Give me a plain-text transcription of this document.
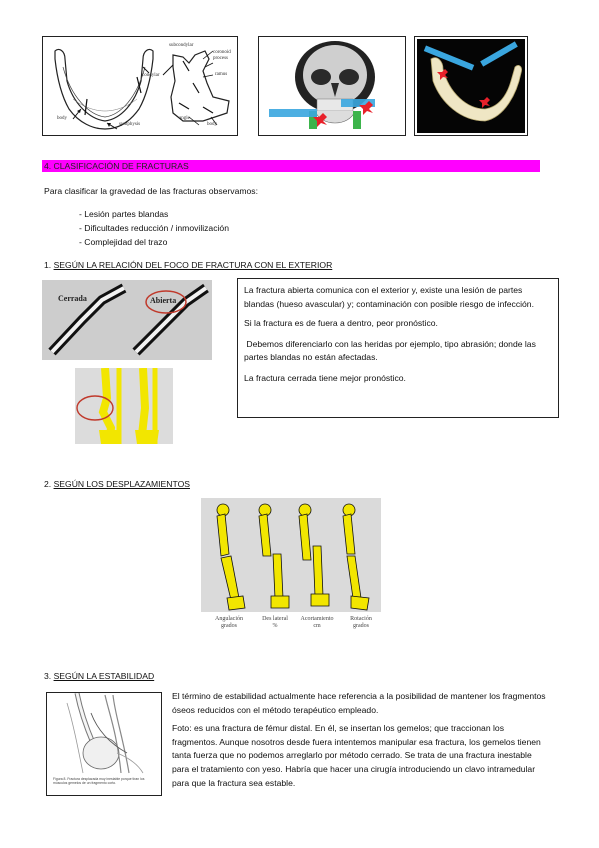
subcondylar
coronoid
process
ramus
condylar
body
symphysis
angle
body
4. CLASIFICACIÓN DE FRACTURAS
Para clasificar la gravedad de las fracturas observamos:
- Lesión partes blandas
- Dificultades reducción / inmovilización
- Complejidad del trazo
1. SEGÚN LA RELACIÓN DEL FOCO DE FRACTURA CON EL EXTERIOR
Cerrada	Abierta

La fractura abierta comunica con el exterior y, existe una lesión de partes blandas (hueso avascular) y; contaminación con posible riesgo de infección.

Si la fractura es de fuera a dentro, peor pronóstico.

Debemos diferenciarlo con las heridas por ejemplo, tipo abrasión; donde las partes blandas no están afectadas.

La fractura cerrada tiene mejor pronóstico.

2. SEGÚN LOS DESPLAZAMIENTOS
Angulación
grados
Des lateral
%
Acortamiento
cm
Rotación
grados
3. SEGÚN LA ESTABILIDAD
Figura 8. Fractura desplazada muy inestable porque tiran los músculos gemelos de un fragmento corto.

El término de estabilidad actualmente hace referencia a la posibilidad de mantener los fragmentos óseos reducidos con el método terapéutico empleado.

Foto: es una fractura de fémur distal. En él, se insertan los gemelos; que traccionan los fragmentos. Aunque nosotros desde fuera intentemos manipular esa fractura, los gemelos tienen tanta fuerza que no podemos arreglarlo por método cerrado. Se trata de una fractura inestable para el tratamiento con yeso. Habría que hacer una cirugía introduciendo un clavo intramedular para que la fractura sea estable.
